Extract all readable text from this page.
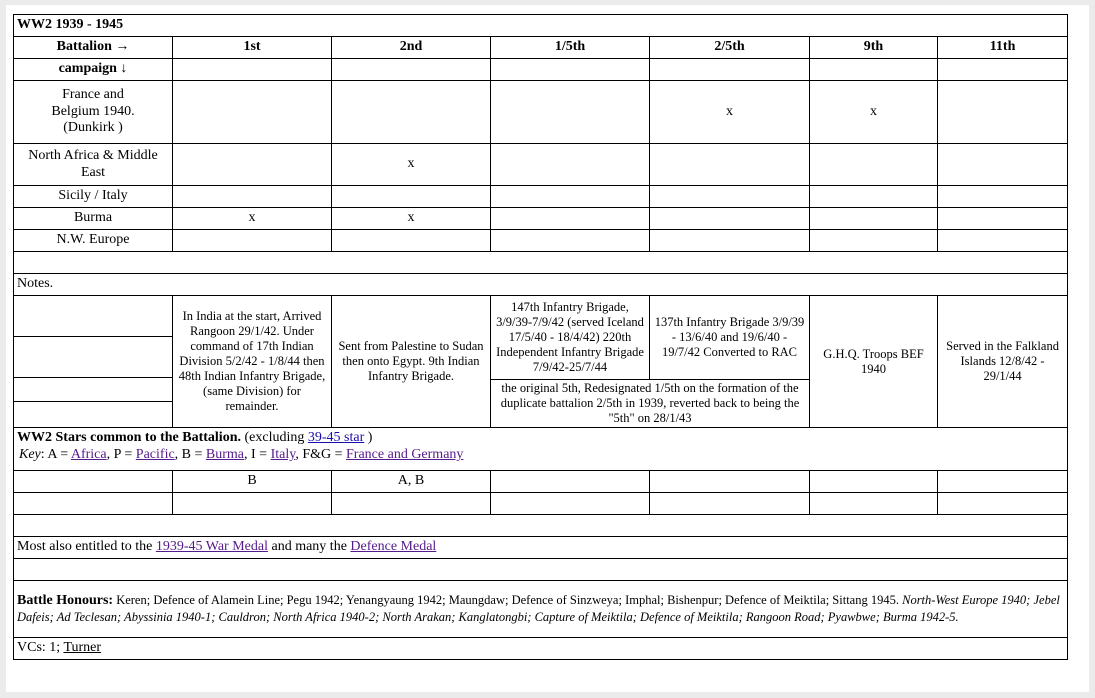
WW2 1939 - 1945						
Battalion →	1st	2nd	1/5th	2/5th	9th	11th
campaign ↓						
France and Belgium 1940. (Dunkirk )				x	x	
North Africa & Middle East		x				
Sicily / Italy						
Burma	x	x				
N.W. Europe						

Notes.						
	In India at the start, Arrived Rangoon 29/1/42. Under command of 17th Indian Division 5/2/42 - 1/8/44 then 48th Indian Infantry Brigade, (same Division) for remainder.	Sent from Palestine to Sudan then onto Egypt. 9th Indian Infantry Brigade.	147th Infantry Brigade, 3/9/39-7/9/42 (served Iceland 17/5/40 - 18/4/42) 220th Independent Infantry Brigade 7/9/42-25/7/44	137th Infantry Brigade 3/9/39 - 13/6/40 and 19/6/40 - 19/7/42 Converted to RAC	G.H.Q. Troops BEF 1940	Served in the Falkland Islands 12/8/42 - 29/1/44

			the original 5th, Redesignated 1/5th on the formation of the duplicate battalion 2/5th in 1939, reverted back to being the "5th" on 28/1/43			

WW2 Stars common to the Battalion. (excluding 39-45 star )
Key: A = Africa, P = Pacific, B = Burma, I = Italy, F&G = France and Germany						

	B	A, B				

Most also entitled to the 1939-45 War Medal and many the Defence Medal						

Battle Honours: Keren; Defence of Alamein Line; Pegu 1942; Yenangyaung 1942; Maungdaw; Defence of Sinzweya; Imphal; Bishenpur; Defence of Meiktila; Sittang 1945. North-West Europe 1940; Jebel Dafeis; Ad Teclesan; Abyssinia 1940-1; Cauldron; North Africa 1940-2; North Arakan; Kanglatongbi; Capture of Meiktila; Defence of Meiktila; Rangoon Road; Pyawbwe; Burma 1942-5.						
VCs: 1; Turner						
